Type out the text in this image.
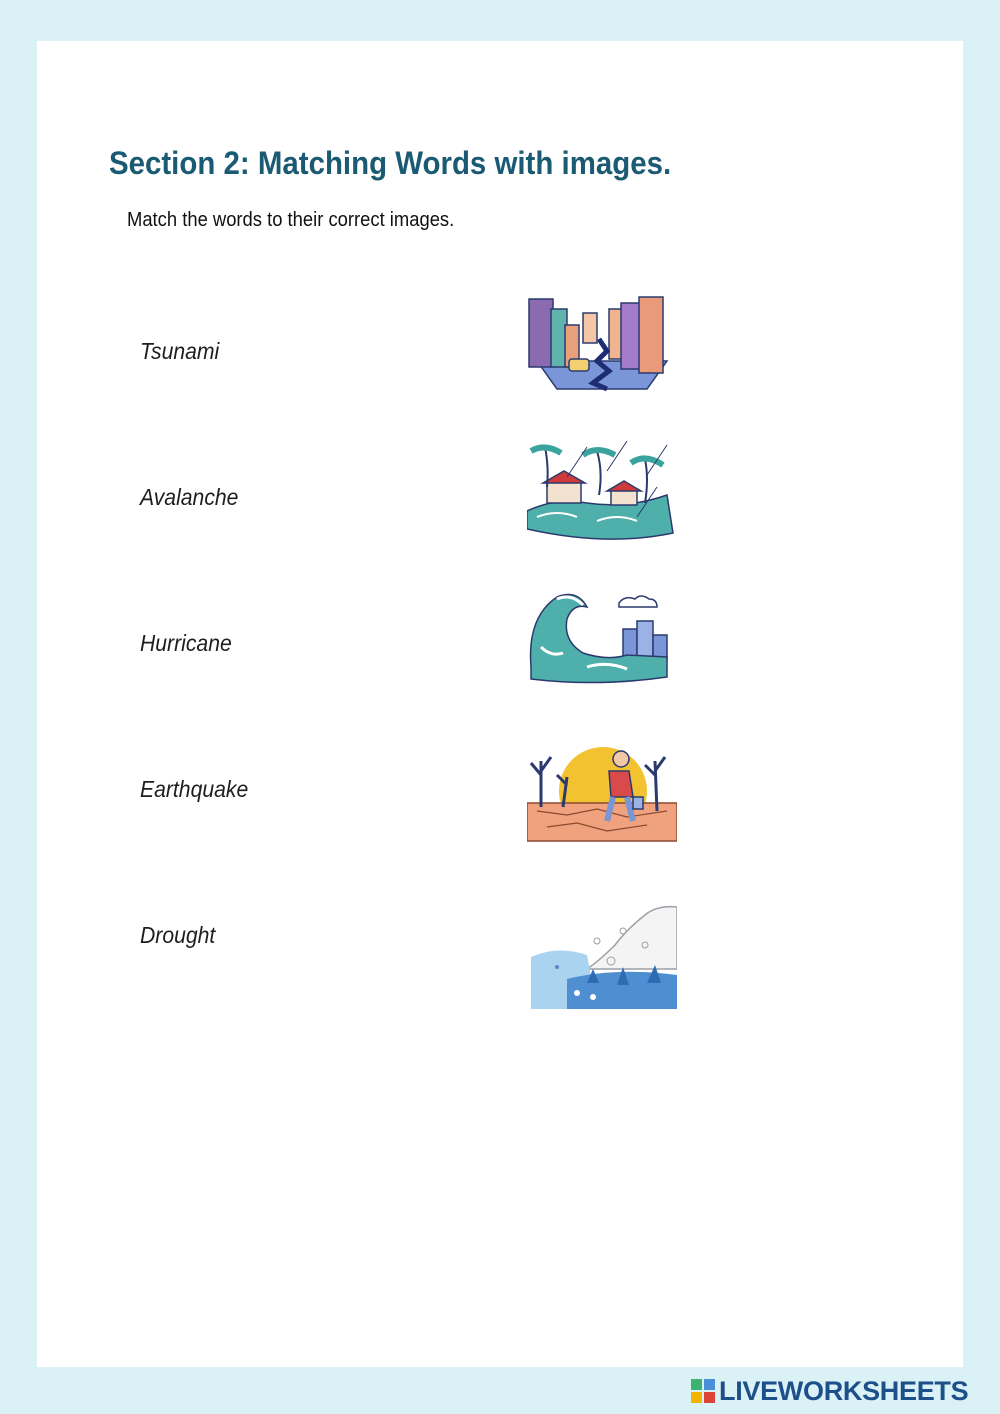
Section 2: Matching Words with images.
Match the words to their correct images.
Tsunami
Avalanche
Hurricane
Earthquake
Drought
LIVEWORKSHEETS
